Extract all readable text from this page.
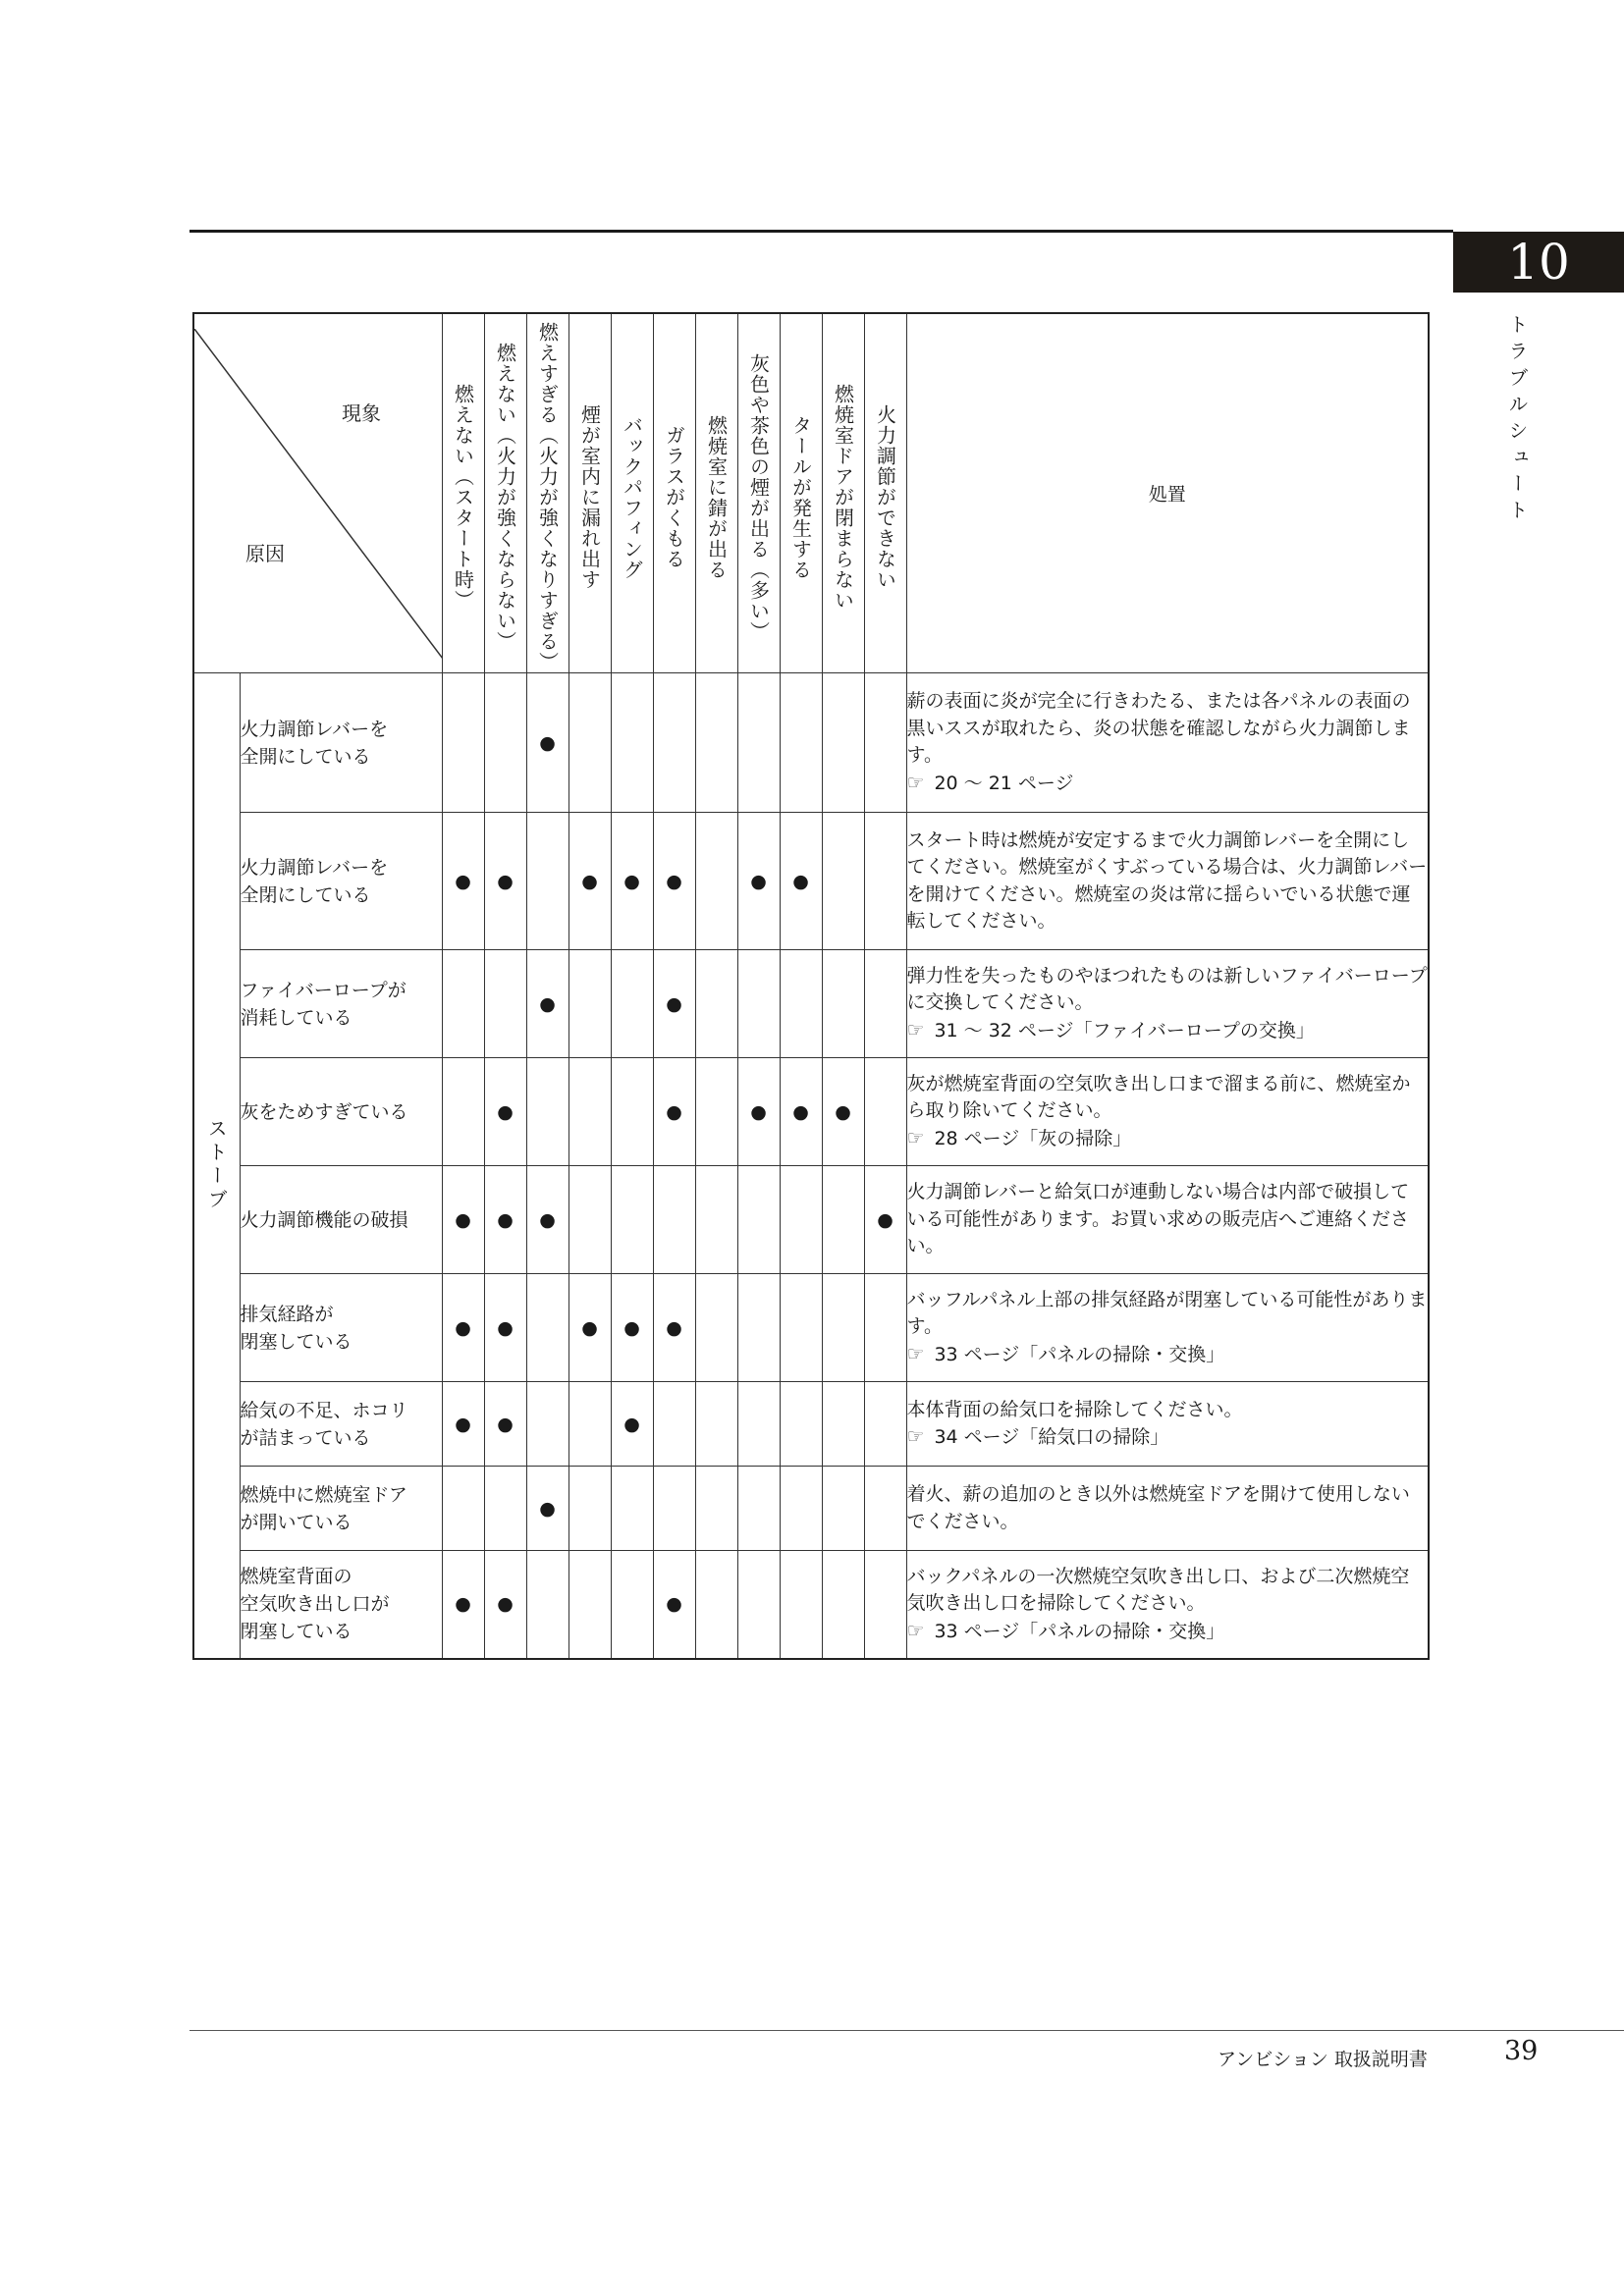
10
トラブルシュート
現象
原因		燃えない（スタート時）	燃えない（火力が強くならない）	燃えすぎる（火力が強くなりすぎる）	煙が室内に漏れ出す	バックパフィング	ガラスがくもる	燃焼室に錆が出る	灰色や茶色の煙が出る（多い）	タールが発生する	燃焼室ドアが閉まらない	火力調節ができない	処置

ストーブ	火力調節レバーを
全開にしている			●									薪の表面に炎が完全に行きわたる、または各パネルの表面の黒いススが取れたら、炎の状態を確認しながら火力調節します。
☞ 20 ～ 21 ページ

	火力調節レバーを
全閉にしている	●	●		●	●	●		●	●			スタート時は燃焼が安定するまで火力調節レバーを全開にしてください。燃焼室がくすぶっている場合は、火力調節レバーを開けてください。燃焼室の炎は常に揺らいでいる状態で運転してください。

	ファイバーロープが
消耗している			●			●						弾力性を失ったものやほつれたものは新しいファイバーロープに交換してください。
☞ 31 ～ 32 ページ「ファイバーロープの交換」

	灰をためすぎている		●				●		●	●	●		灰が燃焼室背面の空気吹き出し口まで溜まる前に、燃焼室から取り除いてください。
☞ 28 ページ「灰の掃除」

	火力調節機能の破損	●	●	●								●	火力調節レバーと給気口が連動しない場合は内部で破損している可能性があります。お買い求めの販売店へご連絡ください。

	排気経路が
閉塞している	●	●		●	●	●						バッフルパネル上部の排気経路が閉塞している可能性があります。
☞ 33 ページ「パネルの掃除・交換」

	給気の不足、ホコリ
が詰まっている	●	●			●							本体背面の給気口を掃除してください。
☞ 34 ページ「給気口の掃除」

	燃焼中に燃焼室ドア
が開いている			●									着火、薪の追加のとき以外は燃焼室ドアを開けて使用しないでください。

	燃焼室背面の
空気吹き出し口が
閉塞している	●	●				●						バックパネルの一次燃焼空気吹き出し口、および二次燃焼空気吹き出し口を掃除してください。
☞ 33 ページ「パネルの掃除・交換」
アンビション 取扱説明書	39
